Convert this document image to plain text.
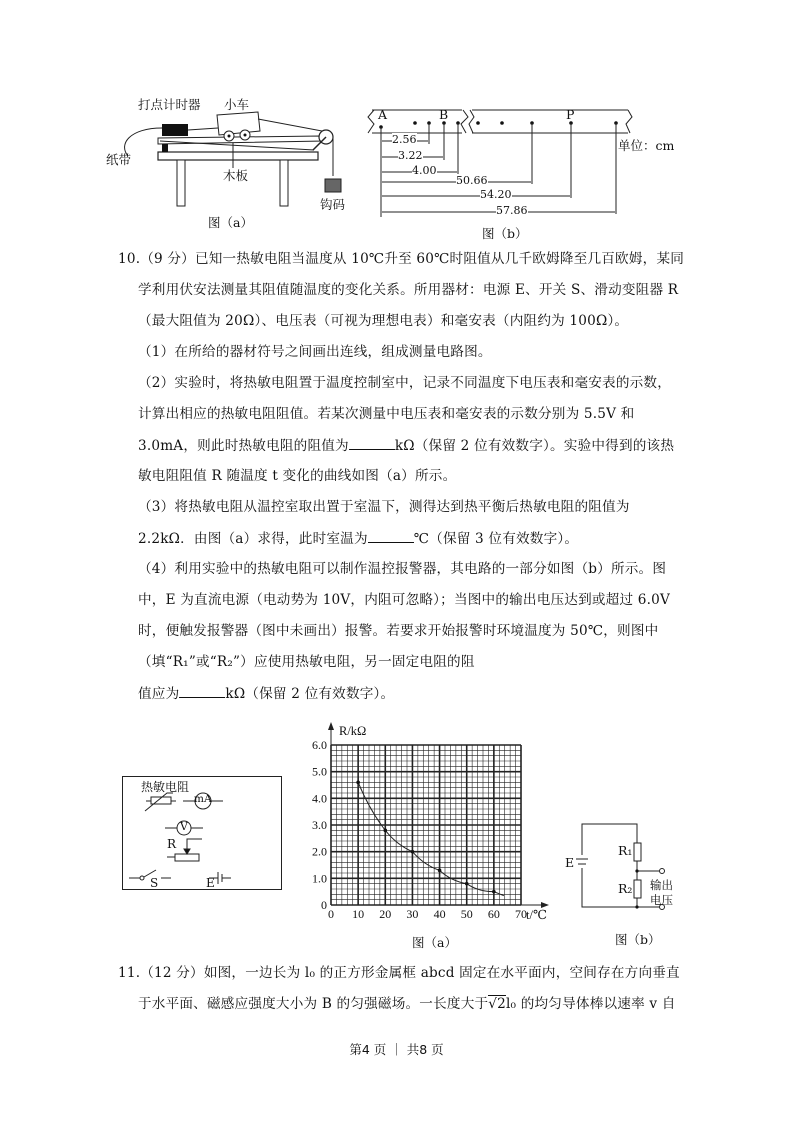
打点计时器 小车
纸带
木板
钩码
图（a）
A	B	P
单位：cm
2.56
3.22
4.00
50.66
54.20
57.86
图（b）
10.（9 分）已知一热敏电阻当温度从 10℃升至 60℃时阻值从几千欧姆降至几百欧姆，某同
学利用伏安法测量其阻值随温度的变化关系。所用器材：电源 E、开关 S、滑动变阻器 R
（最大阻值为 20Ω）、电压表（可视为理想电表）和毫安表（内阻约为 100Ω）。
（1）在所给的器材符号之间画出连线，组成测量电路图。
（2）实验时，将热敏电阻置于温度控制室中，记录不同温度下电压表和毫安表的示数，
计算出相应的热敏电阻阻值。若某次测量中电压表和毫安表的示数分别为 5.5V 和
3.0mA，则此时热敏电阻的阻值为	kΩ（保留 2 位有效数字）。实验中得到的该热
敏电阻阻值 R 随温度 t 变化的曲线如图（a）所示。
（3）将热敏电阻从温控室取出置于室温下，测得达到热平衡后热敏电阻的阻值为
2.2kΩ．由图（a）求得，此时室温为	℃（保留 3 位有效数字）。
（4）利用实验中的热敏电阻可以制作温控报警器，其电路的一部分如图（b）所示。图
中，E 为直流电源（电动势为 10V，内阻可忽略）；当图中的输出电压达到或超过 6.0V
时，便触发报警器（图中未画出）报警。若要求开始报警时环境温度为 50℃，则图中
（填“R₁”或“R₂”）应使用热敏电阻，另一固定电阻的阻
值应为	kΩ（保留 2 位有效数字）。
热敏电阻
mA
V
R
S	E
0 10 20 30 40 50 60 70
0
1.0
2.0
3.0
4.0
5.0
6.0
R/kΩ
t/℃
图（a）
E
R₁
R₂ 输出
电压
图（b）
11.（12 分）如图，一边长为 l₀ 的正方形金属框 abcd 固定在水平面内，空间存在方向垂直
于水平面、磁感应强度大小为 B 的匀强磁场。一长度大于√2l₀ 的均匀导体棒以速率 v 自
第4 页 ｜ 共8 页
